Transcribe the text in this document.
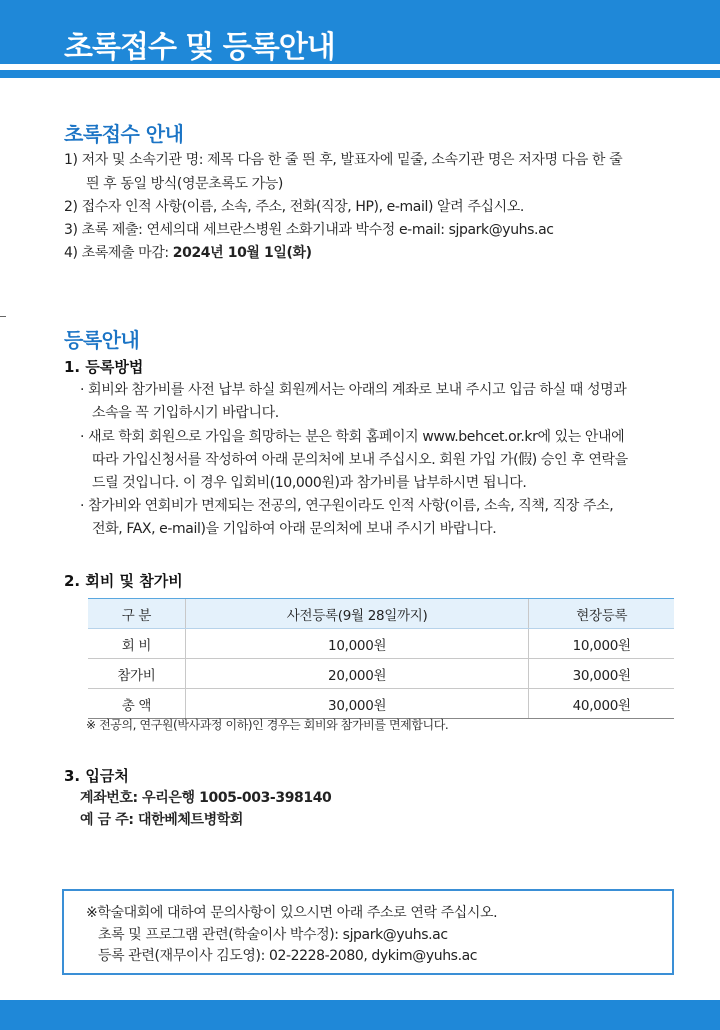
초록접수 및 등록안내
초록접수 안내
1) 저자 및 소속기관 명: 제목 다음 한 줄 띈 후, 발표자에 밑줄, 소속기관 명은 저자명 다음 한 줄
띈 후 동일 방식(영문초록도 가능)
2) 접수자 인적 사항(이름, 소속, 주소, 전화(직장, HP), e-mail) 알려 주십시오.
3) 초록 제출: 연세의대 세브란스병원 소화기내과 박수정 e-mail: sjpark@yuhs.ac
4) 초록제출 마감: 2024년 10월 1일(화)
등록안내
1. 등록방법
· 회비와 참가비를 사전 납부 하실 회원께서는 아래의 계좌로 보내 주시고 입금 하실 때 성명과
소속을 꼭 기입하시기 바랍니다.
· 새로 학회 회원으로 가입을 희망하는 분은 학회 홈페이지 www.behcet.or.kr에 있는 안내에
따라 가입신청서를 작성하여 아래 문의처에 보내 주십시오. 회원 가입 가(假) 승인 후 연락을
드릴 것입니다. 이 경우 입회비(10,000원)과 참가비를 납부하시면 됩니다.
· 참가비와 연회비가 면제되는 전공의, 연구원이라도 인적 사항(이름, 소속, 직책, 직장 주소,
전화, FAX, e-mail)을 기입하여 아래 문의처에 보내 주시기 바랍니다.
2. 회비 및 참가비
구 분	사전등록(9월 28일까지)	현장등록
회 비	10,000원	10,000원
참가비	20,000원	30,000원
총 액	30,000원	40,000원
※ 전공의, 연구원(박사과정 이하)인 경우는 회비와 참가비를 면제합니다.
3. 입금처
계좌번호: 우리은행 1005-003-398140
예 금 주: 대한베체트병학회
※학술대회에 대하여 문의사항이 있으시면 아래 주소로 연락 주십시오.
초록 및 프로그램 관련(학술이사 박수정): sjpark@yuhs.ac
등록 관련(재무이사 김도영): 02-2228-2080, dykim@yuhs.ac
